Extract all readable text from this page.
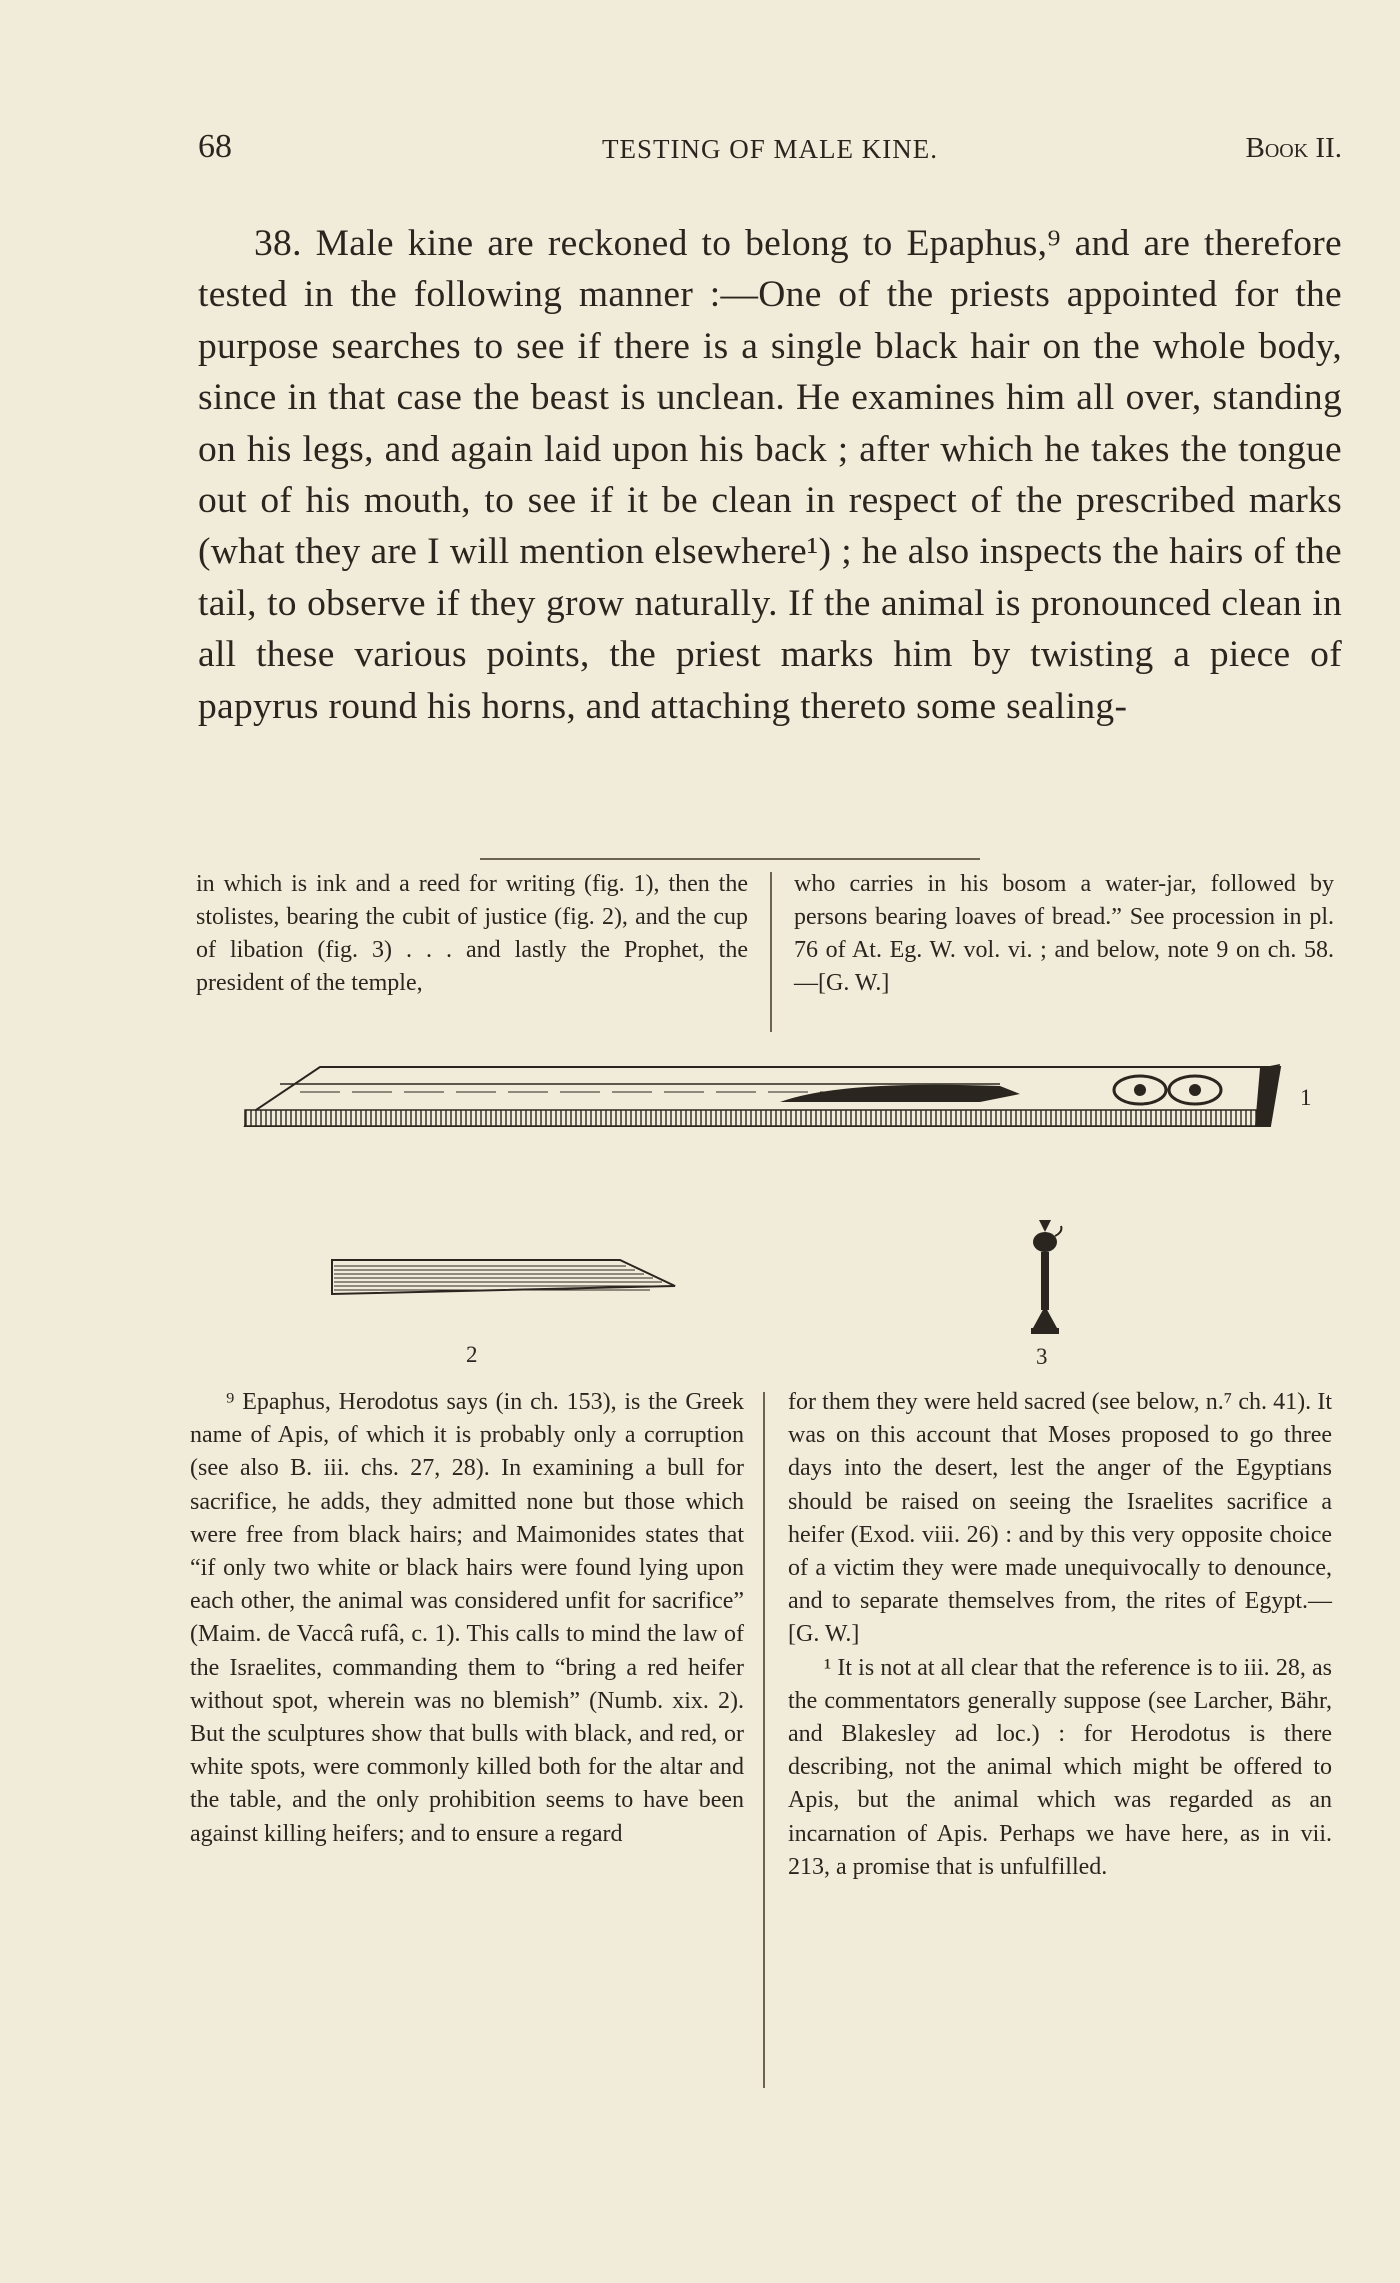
68	TESTING OF MALE KINE.	Book II.

38. Male kine are reckoned to belong to Epaphus,⁹ and are therefore tested in the following manner :—One of the priests appointed for the purpose searches to see if there is a single black hair on the whole body, since in that case the beast is unclean. He examines him all over, standing on his legs, and again laid upon his back ; after which he takes the tongue out of his mouth, to see if it be clean in respect of the prescribed marks (what they are I will mention elsewhere¹) ; he also inspects the hairs of the tail, to observe if they grow naturally. If the animal is pronounced clean in all these various points, the priest marks him by twisting a piece of papyrus round his horns, and attaching thereto some sealing-

in which is ink and a reed for writing (fig. 1), then the stolistes, bearing the cubit of justice (fig. 2), and the cup of libation (fig. 3) . . . and lastly the Prophet, the president of the temple,

who carries in his bosom a water-jar, followed by persons bearing loaves of bread.” See procession in pl. 76 of At. Eg. W. vol. vi. ; and below, note 9 on ch. 58.—[G. W.]

1
2	3

⁹ Epaphus, Herodotus says (in ch. 153), is the Greek name of Apis, of which it is probably only a corruption (see also B. iii. chs. 27, 28). In examining a bull for sacrifice, he adds, they admitted none but those which were free from black hairs; and Maimonides states that “if only two white or black hairs were found lying upon each other, the animal was considered unfit for sacrifice” (Maim. de Vaccâ rufâ, c. 1). This calls to mind the law of the Israelites, commanding them to “bring a red heifer without spot, wherein was no blemish” (Numb. xix. 2). But the sculptures show that bulls with black, and red, or white spots, were commonly killed both for the altar and the table, and the only prohibition seems to have been against killing heifers; and to ensure a regard

for them they were held sacred (see below, n.⁷ ch. 41). It was on this account that Moses proposed to go three days into the desert, lest the anger of the Egyptians should be raised on seeing the Israelites sacrifice a heifer (Exod. viii. 26) : and by this very opposite choice of a victim they were made unequivocally to denounce, and to separate themselves from, the rites of Egypt.—[G. W.]

¹ It is not at all clear that the reference is to iii. 28, as the commentators generally suppose (see Larcher, Bähr, and Blakesley ad loc.) : for Herodotus is there describing, not the animal which might be offered to Apis, but the animal which was regarded as an incarnation of Apis. Perhaps we have here, as in vii. 213, a promise that is unfulfilled.
